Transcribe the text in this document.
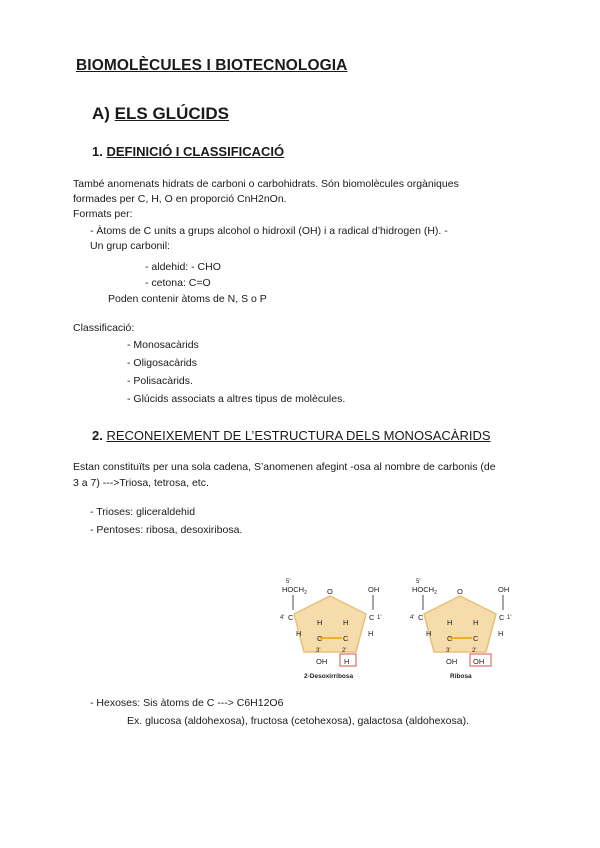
BIOMOLÈCULES I BIOTECNOLOGIA
A) ELS GLÚCIDS
1. DEFINICIÓ I CLASSIFICACIÓ
També anomenats hidrats de carboni o carbohidrats. Són biomolècules orgàniques
formades per C, H, O en proporció CnH2nOn.
Formats per:
- Àtoms de C units a grups alcohol o hidroxil (OH) i a radical d’hidrogen (H). -
Un grup carbonil:
- aldehid: - CHO
- cetona: C=O
Poden contenir àtoms de N, S o P
Classificació:
- Monosacàrids
- Oligosacàrids
- Polisacàrids.
- Glúcids associats a altres tipus de molècules.
2. RECONEIXEMENT DE L’ESTRUCTURA DELS MONOSACÀRIDS
Estan constituïts per una sola cadena, S’anomenen afegint -osa al nombre de carbonis (de
3 a 7) --->Triosa, tetrosa, etc.
- Trioses: gliceraldehid
- Pentoses: ribosa, desoxiribosa.
5'
$HOCH_2$	O	OH
4' C	C 1'
H	H
H	H
C	C
3'	2'
OH H
2-Desoxirribosa
5'
$HOCH_2$	O	OH
4' C	C 1'
H	H
H	H
C	C
3'	2'
OH OH
Ribosa
- Hexoses: Sis àtoms de C ---> C6H12O6
Ex. glucosa (aldohexosa), fructosa (cetohexosa), galactosa (aldohexosa).
